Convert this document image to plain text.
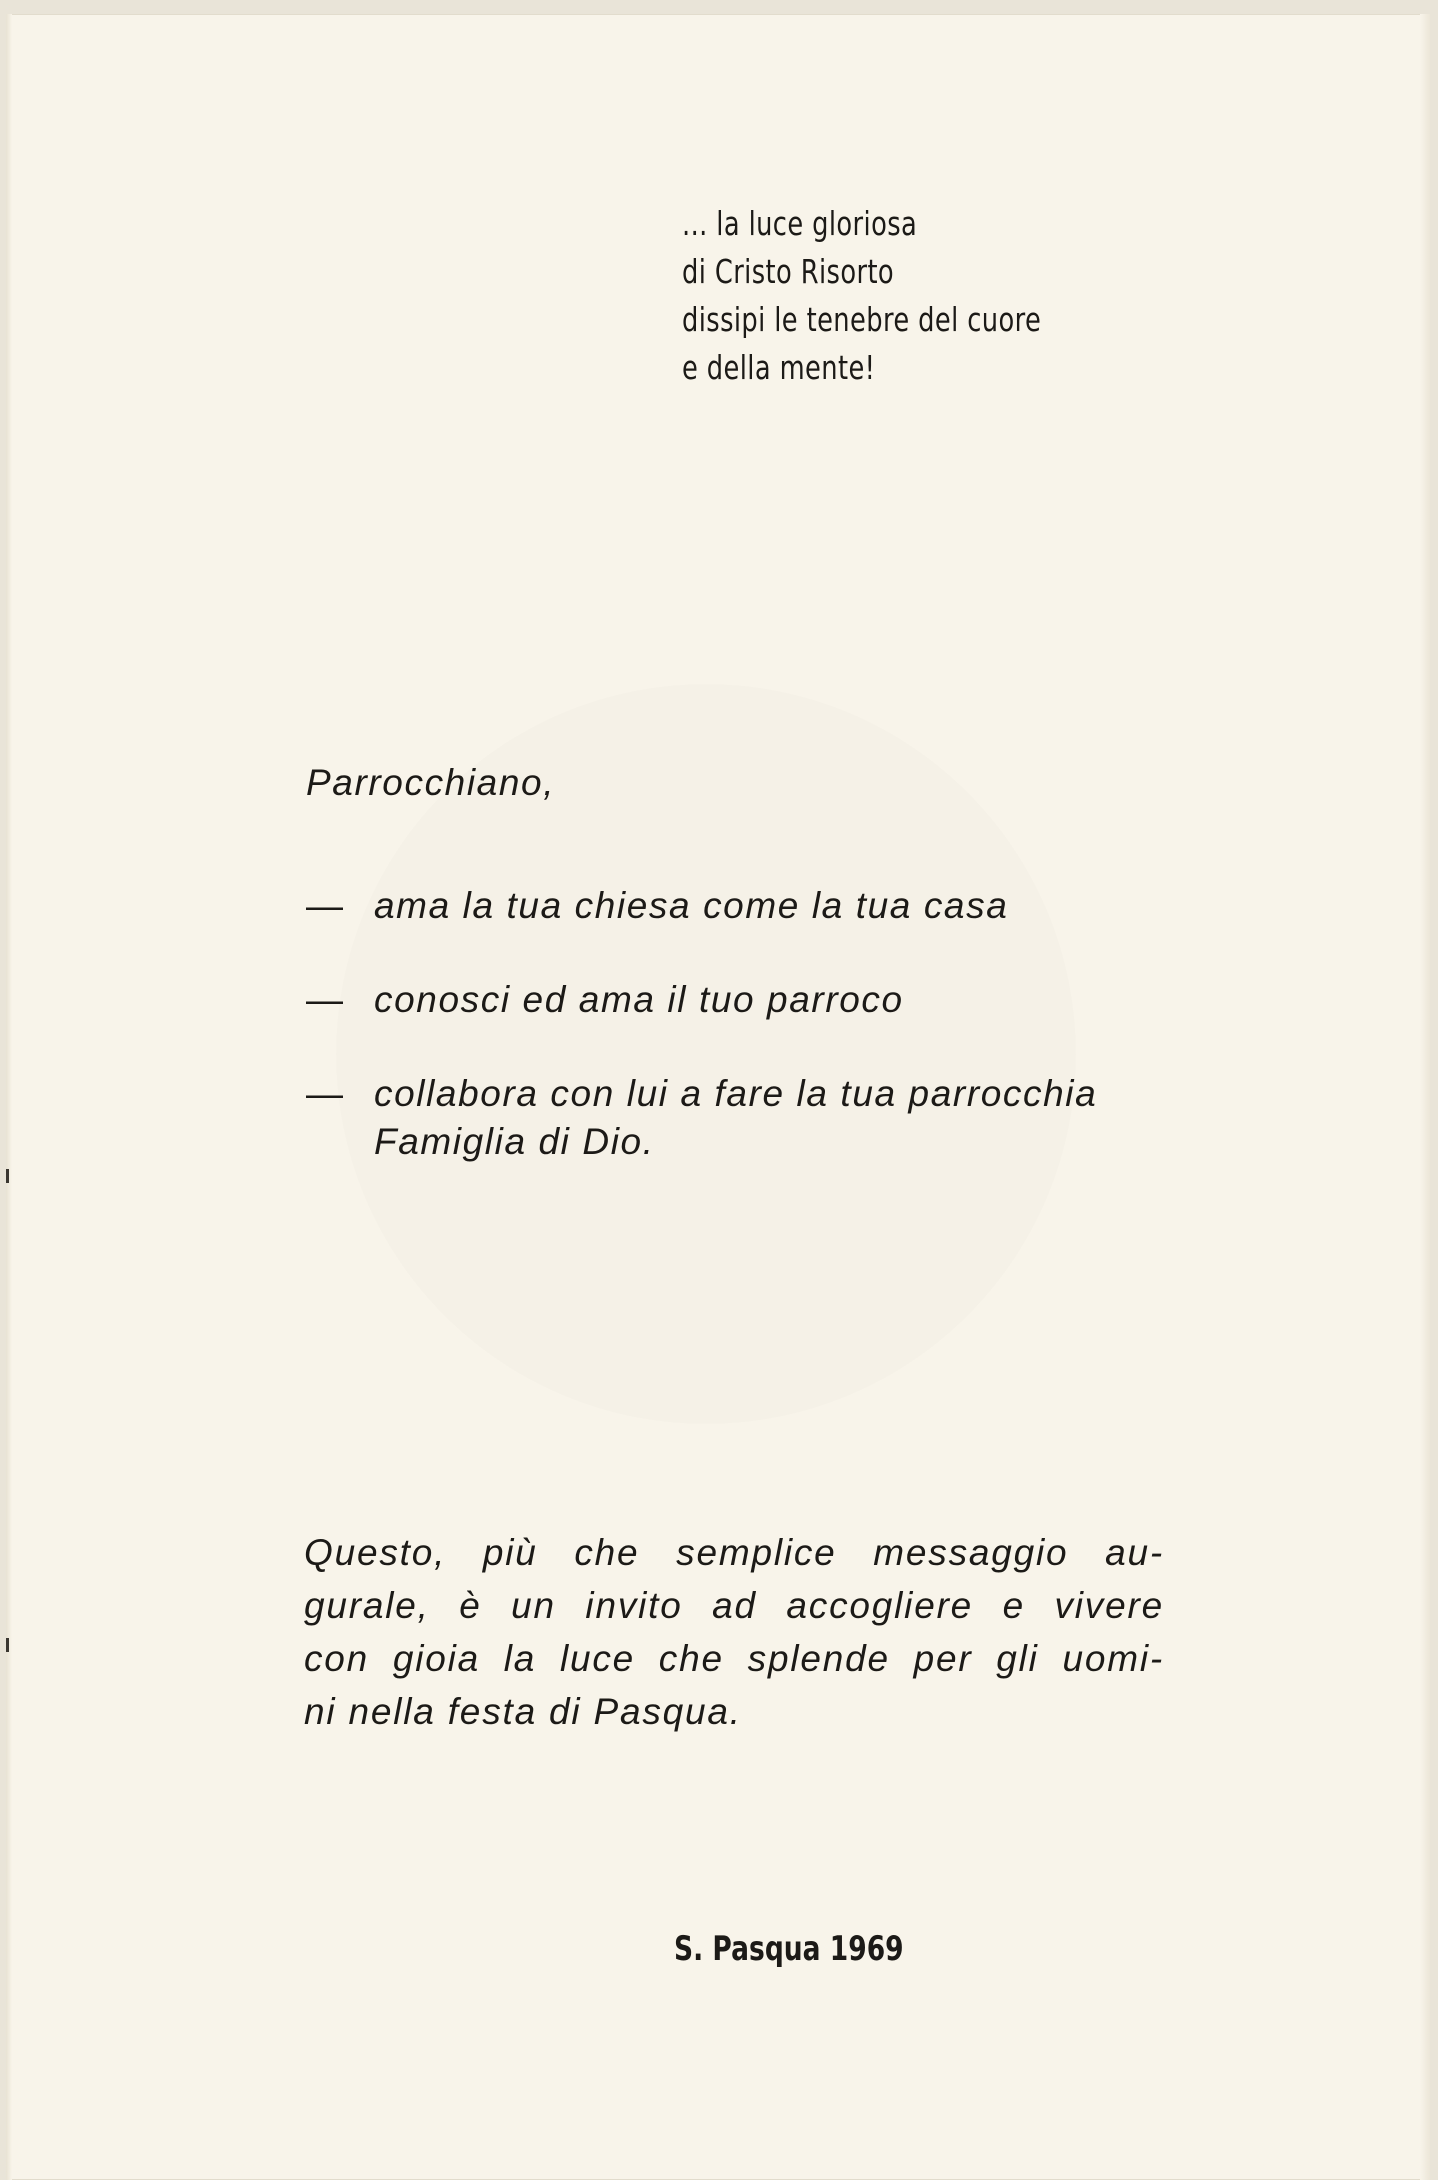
... la luce gloriosa
di Cristo Risorto
dissipi le tenebre del cuore
e della mente!
Parrocchiano,
— ama la tua chiesa come la tua casa
— conosci ed ama il tuo parroco
— collabora con lui a fare la tua parrocchia
Famiglia di Dio.
Questo, più che semplice messaggio au-
gurale, è un invito ad accogliere e vivere
con gioia la luce che splende per gli uomi-
ni nella festa di Pasqua.
S. Pasqua 1969
